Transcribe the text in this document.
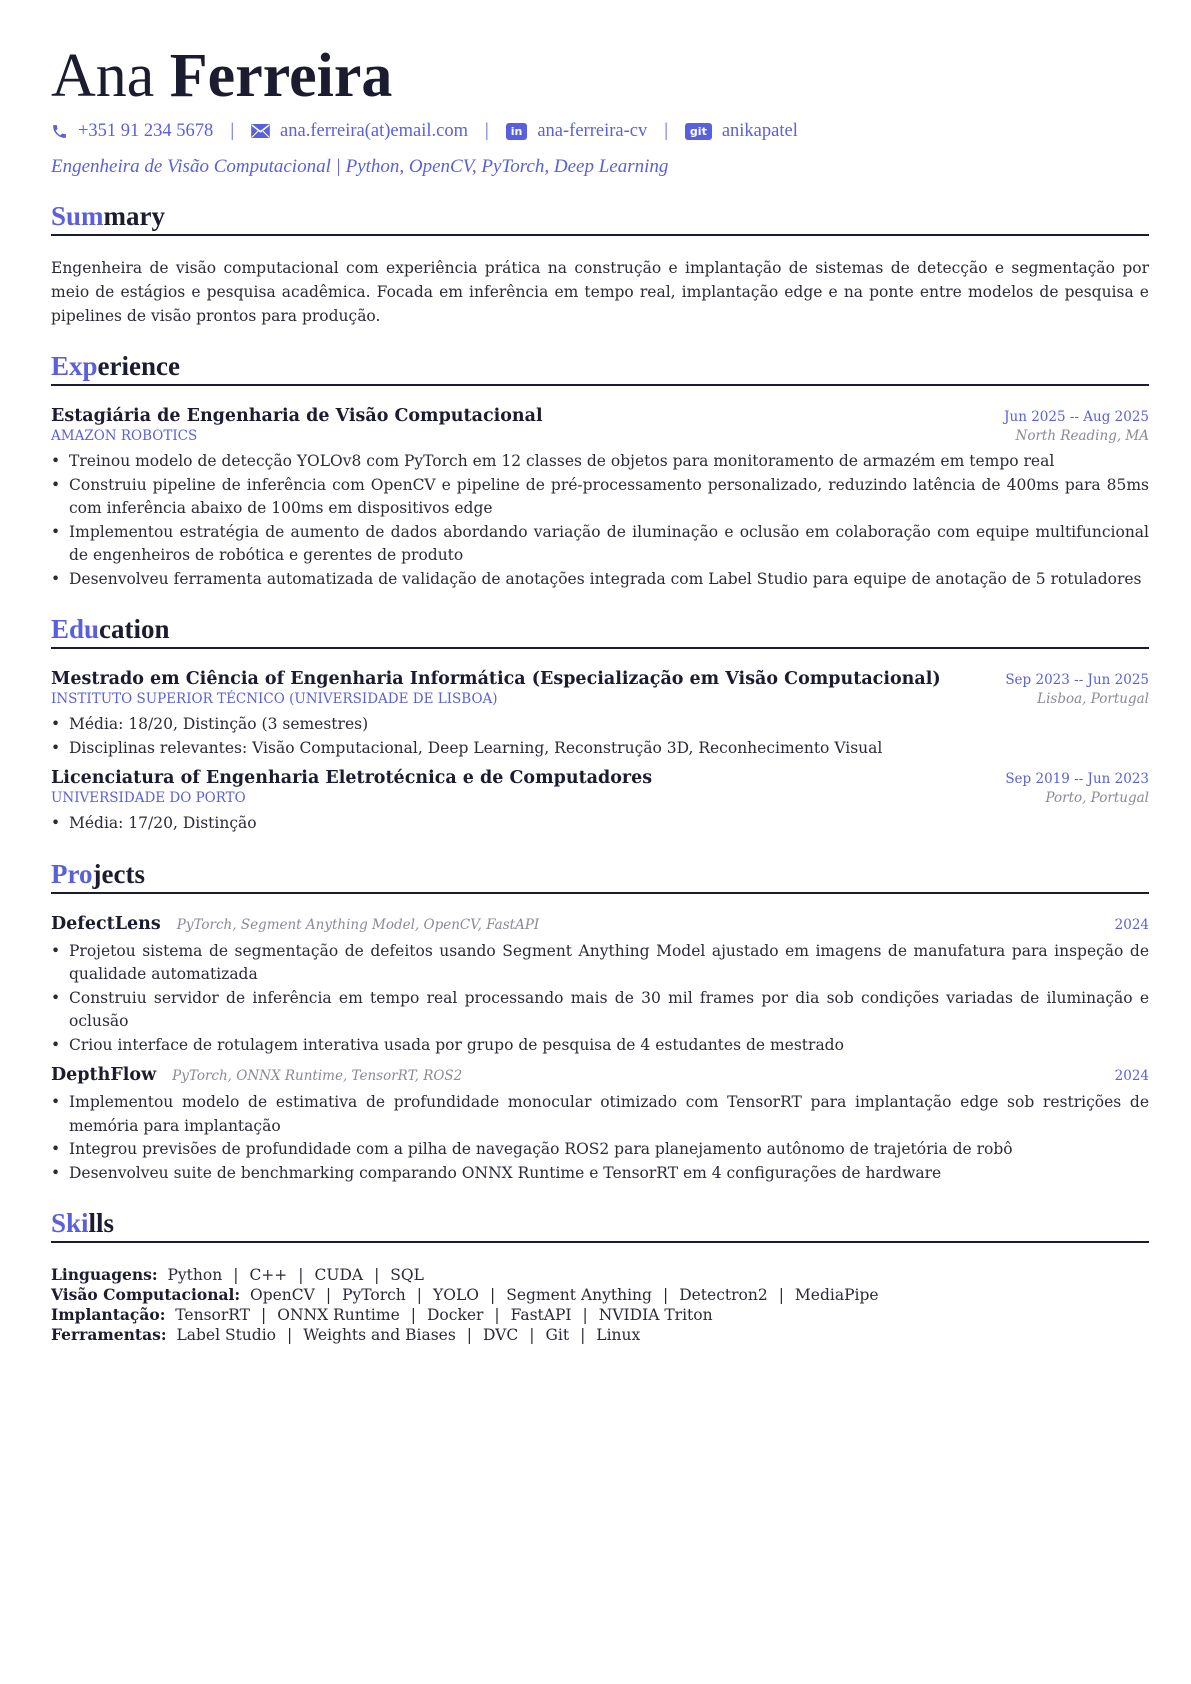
Ana Ferreira
+351 91 234 5678 | ana.ferreira(at)email.com |	in ana-ferreira-cv |	git anikapatel
Engenheira de Visão Computacional | Python, OpenCV, PyTorch, Deep Learning
Summary
Engenheira de visão computacional com experiência prática na construção e implantação de sistemas de detecção e segmentação por meio de estágios e pesquisa acadêmica. Focada em inferência em tempo real, implantação edge e na ponte entre modelos de pesquisa e pipelines de visão prontos para produção.
Experience
Estagiária de Engenharia de Visão Computacional	Jun 2025 -- Aug 2025
AMAZON ROBOTICS	North Reading, MA
• Treinou modelo de detecção YOLOv8 com PyTorch em 12 classes de objetos para monitoramento de armazém em tempo real
• Construiu pipeline de inferência com OpenCV e pipeline de pré-processamento personalizado, reduzindo latência de 400ms para 85ms com inferência abaixo de 100ms em dispositivos edge
• Implementou estratégia de aumento de dados abordando variação de iluminação e oclusão em colaboração com equipe multifuncional de engenheiros de robótica e gerentes de produto
• Desenvolveu ferramenta automatizada de validação de anotações integrada com Label Studio para equipe de anotação de 5 rotuladores
Education
Mestrado em Ciência of Engenharia Informática (Especialização em Visão Computacional)	Sep 2023 -- Jun 2025
INSTITUTO SUPERIOR TÉCNICO (UNIVERSIDADE DE LISBOA)	Lisboa, Portugal
• Média: 18/20, Distinção (3 semestres)
• Disciplinas relevantes: Visão Computacional, Deep Learning, Reconstrução 3D, Reconhecimento Visual
Licenciatura of Engenharia Eletrotécnica e de Computadores	Sep 2019 -- Jun 2023
UNIVERSIDADE DO PORTO	Porto, Portugal
• Média: 17/20, Distinção
Projects
DefectLens PyTorch, Segment Anything Model, OpenCV, FastAPI	2024
• Projetou sistema de segmentação de defeitos usando Segment Anything Model ajustado em imagens de manufatura para inspeção de qualidade automatizada
• Construiu servidor de inferência em tempo real processando mais de 30 mil frames por dia sob condições variadas de iluminação e oclusão
• Criou interface de rotulagem interativa usada por grupo de pesquisa de 4 estudantes de mestrado
DepthFlow PyTorch, ONNX Runtime, TensorRT, ROS2	2024
• Implementou modelo de estimativa de profundidade monocular otimizado com TensorRT para implantação edge sob restrições de memória para implantação
• Integrou previsões de profundidade com a pilha de navegação ROS2 para planejamento autônomo de trajetória de robô
• Desenvolveu suite de benchmarking comparando ONNX Runtime e TensorRT em 4 configurações de hardware
Skills
Linguagens: Python | C++ | CUDA | SQL
Visão Computacional: OpenCV | PyTorch | YOLO | Segment Anything | Detectron2 | MediaPipe
Implantação: TensorRT | ONNX Runtime | Docker | FastAPI | NVIDIA Triton
Ferramentas: Label Studio | Weights and Biases | DVC | Git | Linux
